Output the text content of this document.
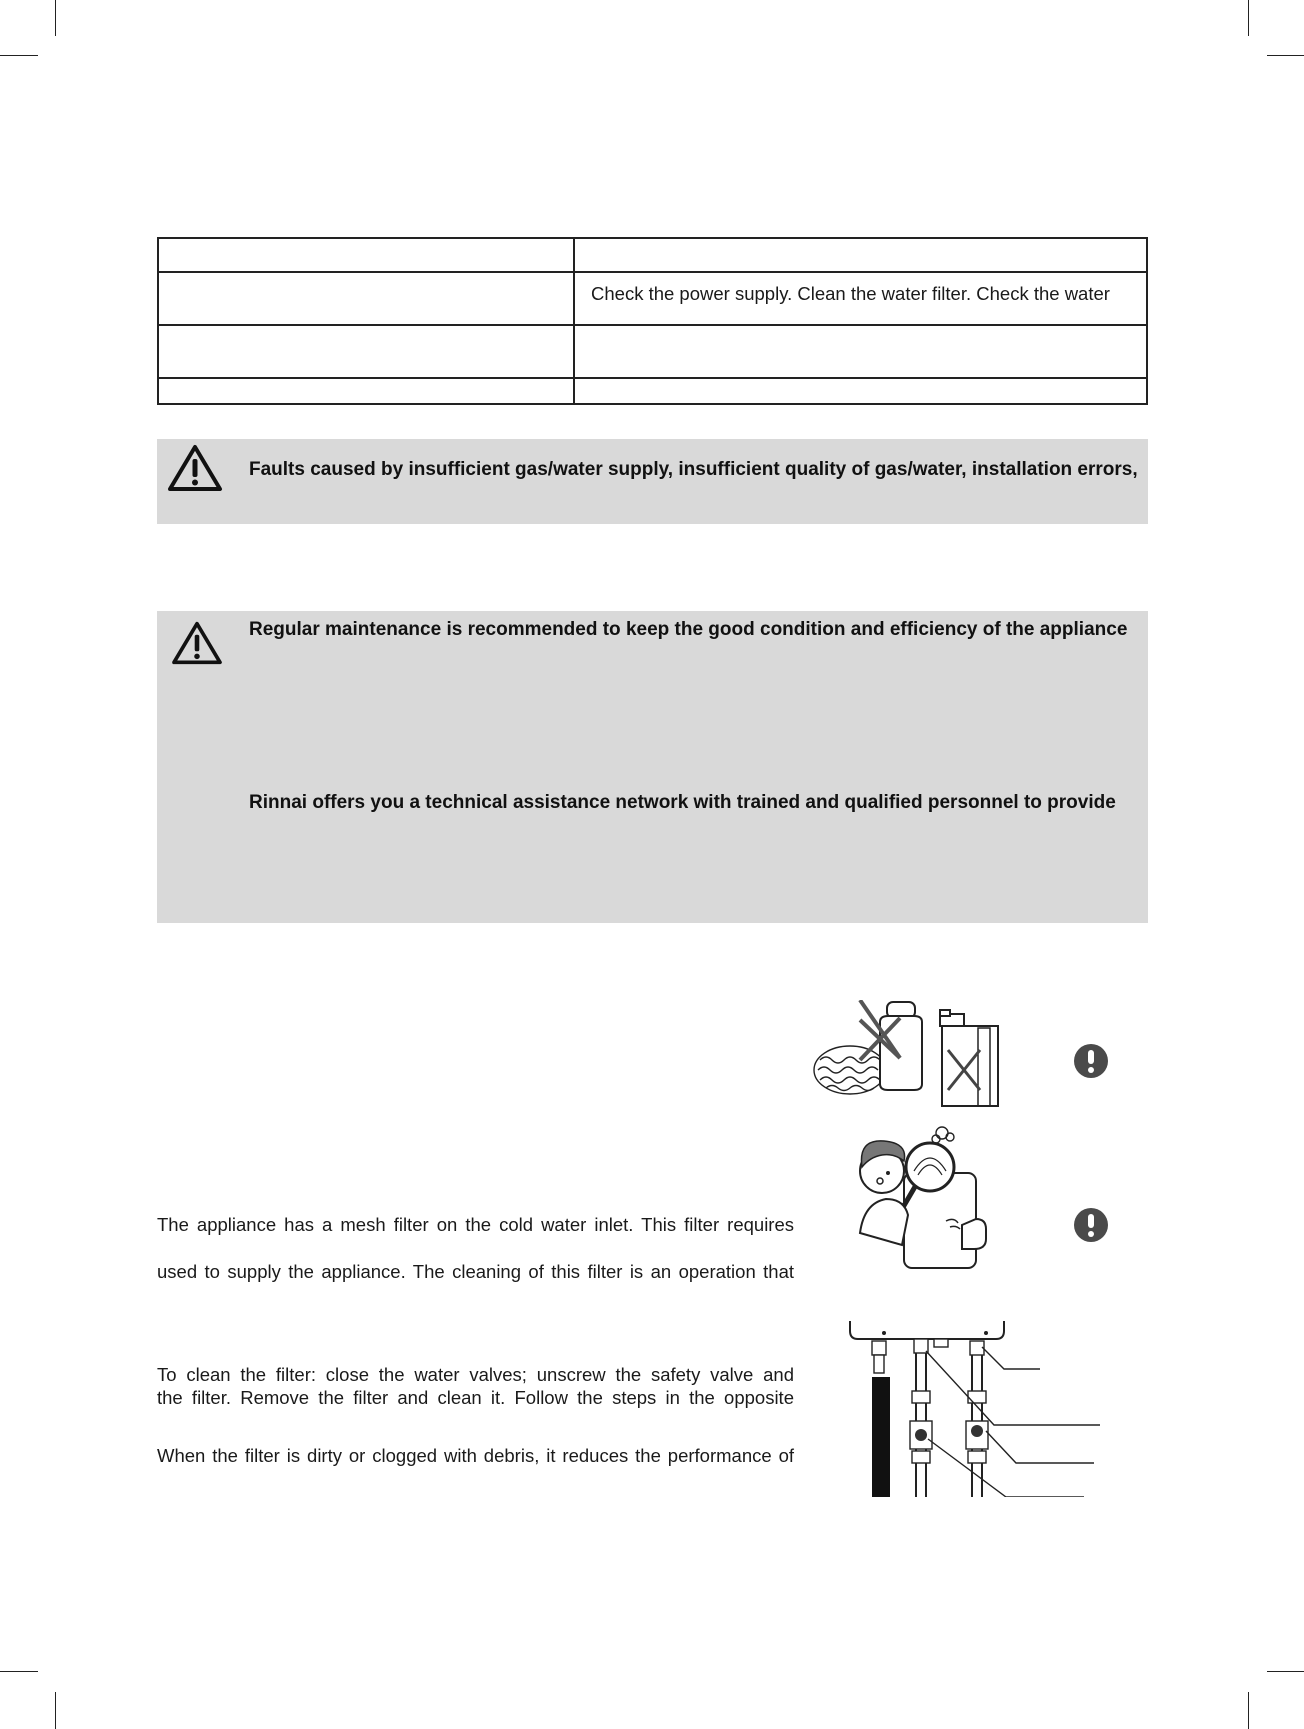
Check the power supply. Clean the water filter. Check the water
Faults caused by insufficient gas/water supply, insufficient quality of gas/water, installation errors,
Regular maintenance is recommended to keep the good condition and efficiency of the appliance
Rinnai offers you a technical assistance network with trained and qualified personnel to provide
The appliance has a mesh filter on the cold water inlet. This filter requires
used to supply the appliance. The cleaning of this filter is an operation that
To clean the filter: close the water valves; unscrew the safety valve and
the filter. Remove the filter and clean it. Follow the steps in the opposite
When the filter is dirty or clogged with debris, it reduces the performance of
